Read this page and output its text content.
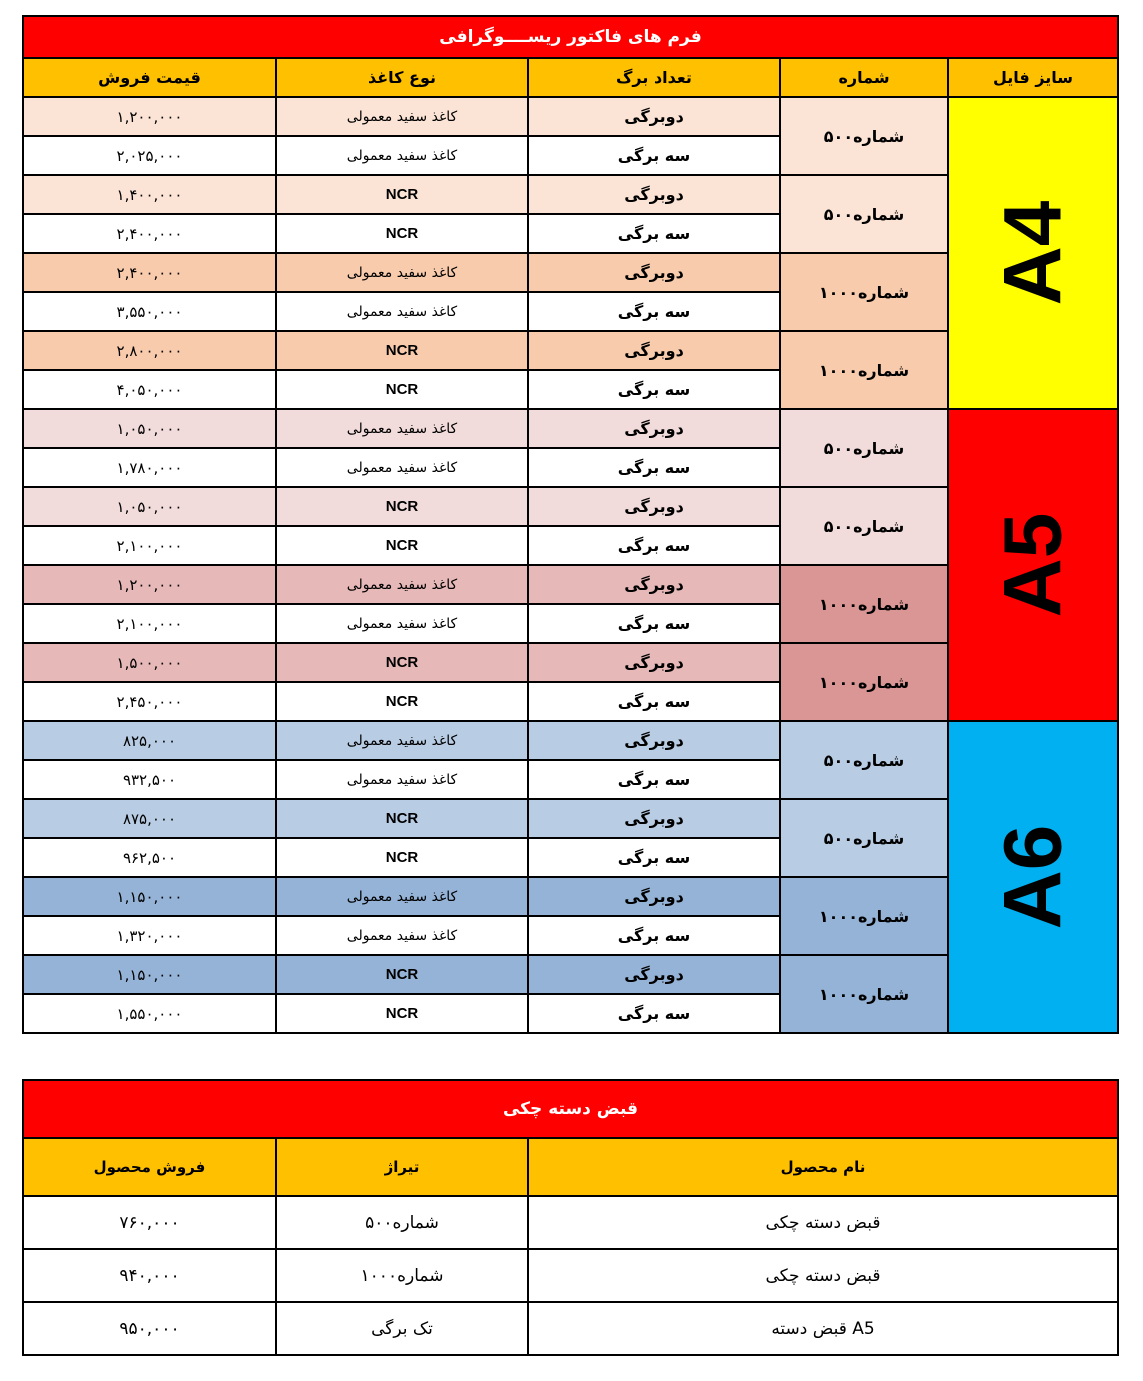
فرم های فاکتور ریســــوگرافی				
قیمت فروش	نوع کاغذ	تعداد برگ	شماره	سایز فایل
۱,۲۰۰,۰۰۰	کاغذ سفید معمولی	دوبرگی	۵۰۰شماره	A4
۲,۰۲۵,۰۰۰	کاغذ سفید معمولی	سه برگی		
۱,۴۰۰,۰۰۰	NCR	دوبرگی	۵۰۰شماره	
۲,۴۰۰,۰۰۰	NCR	سه برگی		
۲,۴۰۰,۰۰۰	کاغذ سفید معمولی	دوبرگی	۱۰۰۰شماره	
۳,۵۵۰,۰۰۰	کاغذ سفید معمولی	سه برگی		
۲,۸۰۰,۰۰۰	NCR	دوبرگی	۱۰۰۰شماره	
۴,۰۵۰,۰۰۰	NCR	سه برگی		
۱,۰۵۰,۰۰۰	کاغذ سفید معمولی	دوبرگی	۵۰۰شماره	A5
۱,۷۸۰,۰۰۰	کاغذ سفید معمولی	سه برگی		
۱,۰۵۰,۰۰۰	NCR	دوبرگی	۵۰۰شماره	
۲,۱۰۰,۰۰۰	NCR	سه برگی		
۱,۲۰۰,۰۰۰	کاغذ سفید معمولی	دوبرگی	۱۰۰۰شماره	
۲,۱۰۰,۰۰۰	کاغذ سفید معمولی	سه برگی		
۱,۵۰۰,۰۰۰	NCR	دوبرگی	۱۰۰۰شماره	
۲,۴۵۰,۰۰۰	NCR	سه برگی		
۸۲۵,۰۰۰	کاغذ سفید معمولی	دوبرگی	۵۰۰شماره	A6
۹۳۲,۵۰۰	کاغذ سفید معمولی	سه برگی		
۸۷۵,۰۰۰	NCR	دوبرگی	۵۰۰شماره	
۹۶۲,۵۰۰	NCR	سه برگی		
۱,۱۵۰,۰۰۰	کاغذ سفید معمولی	دوبرگی	۱۰۰۰شماره	
۱,۳۲۰,۰۰۰	کاغذ سفید معمولی	سه برگی		
۱,۱۵۰,۰۰۰	NCR	دوبرگی	۱۰۰۰شماره	
۱,۵۵۰,۰۰۰	NCR	سه برگی		
قبض دسته چکی		
فروش محصول	تیراژ	نام محصول
۷۶۰,۰۰۰	۵۰۰شماره	قبض دسته چکی
۹۴۰,۰۰۰	۱۰۰۰شماره	قبض دسته چکی
۹۵۰,۰۰۰	تک برگی	قبض دسته A5
